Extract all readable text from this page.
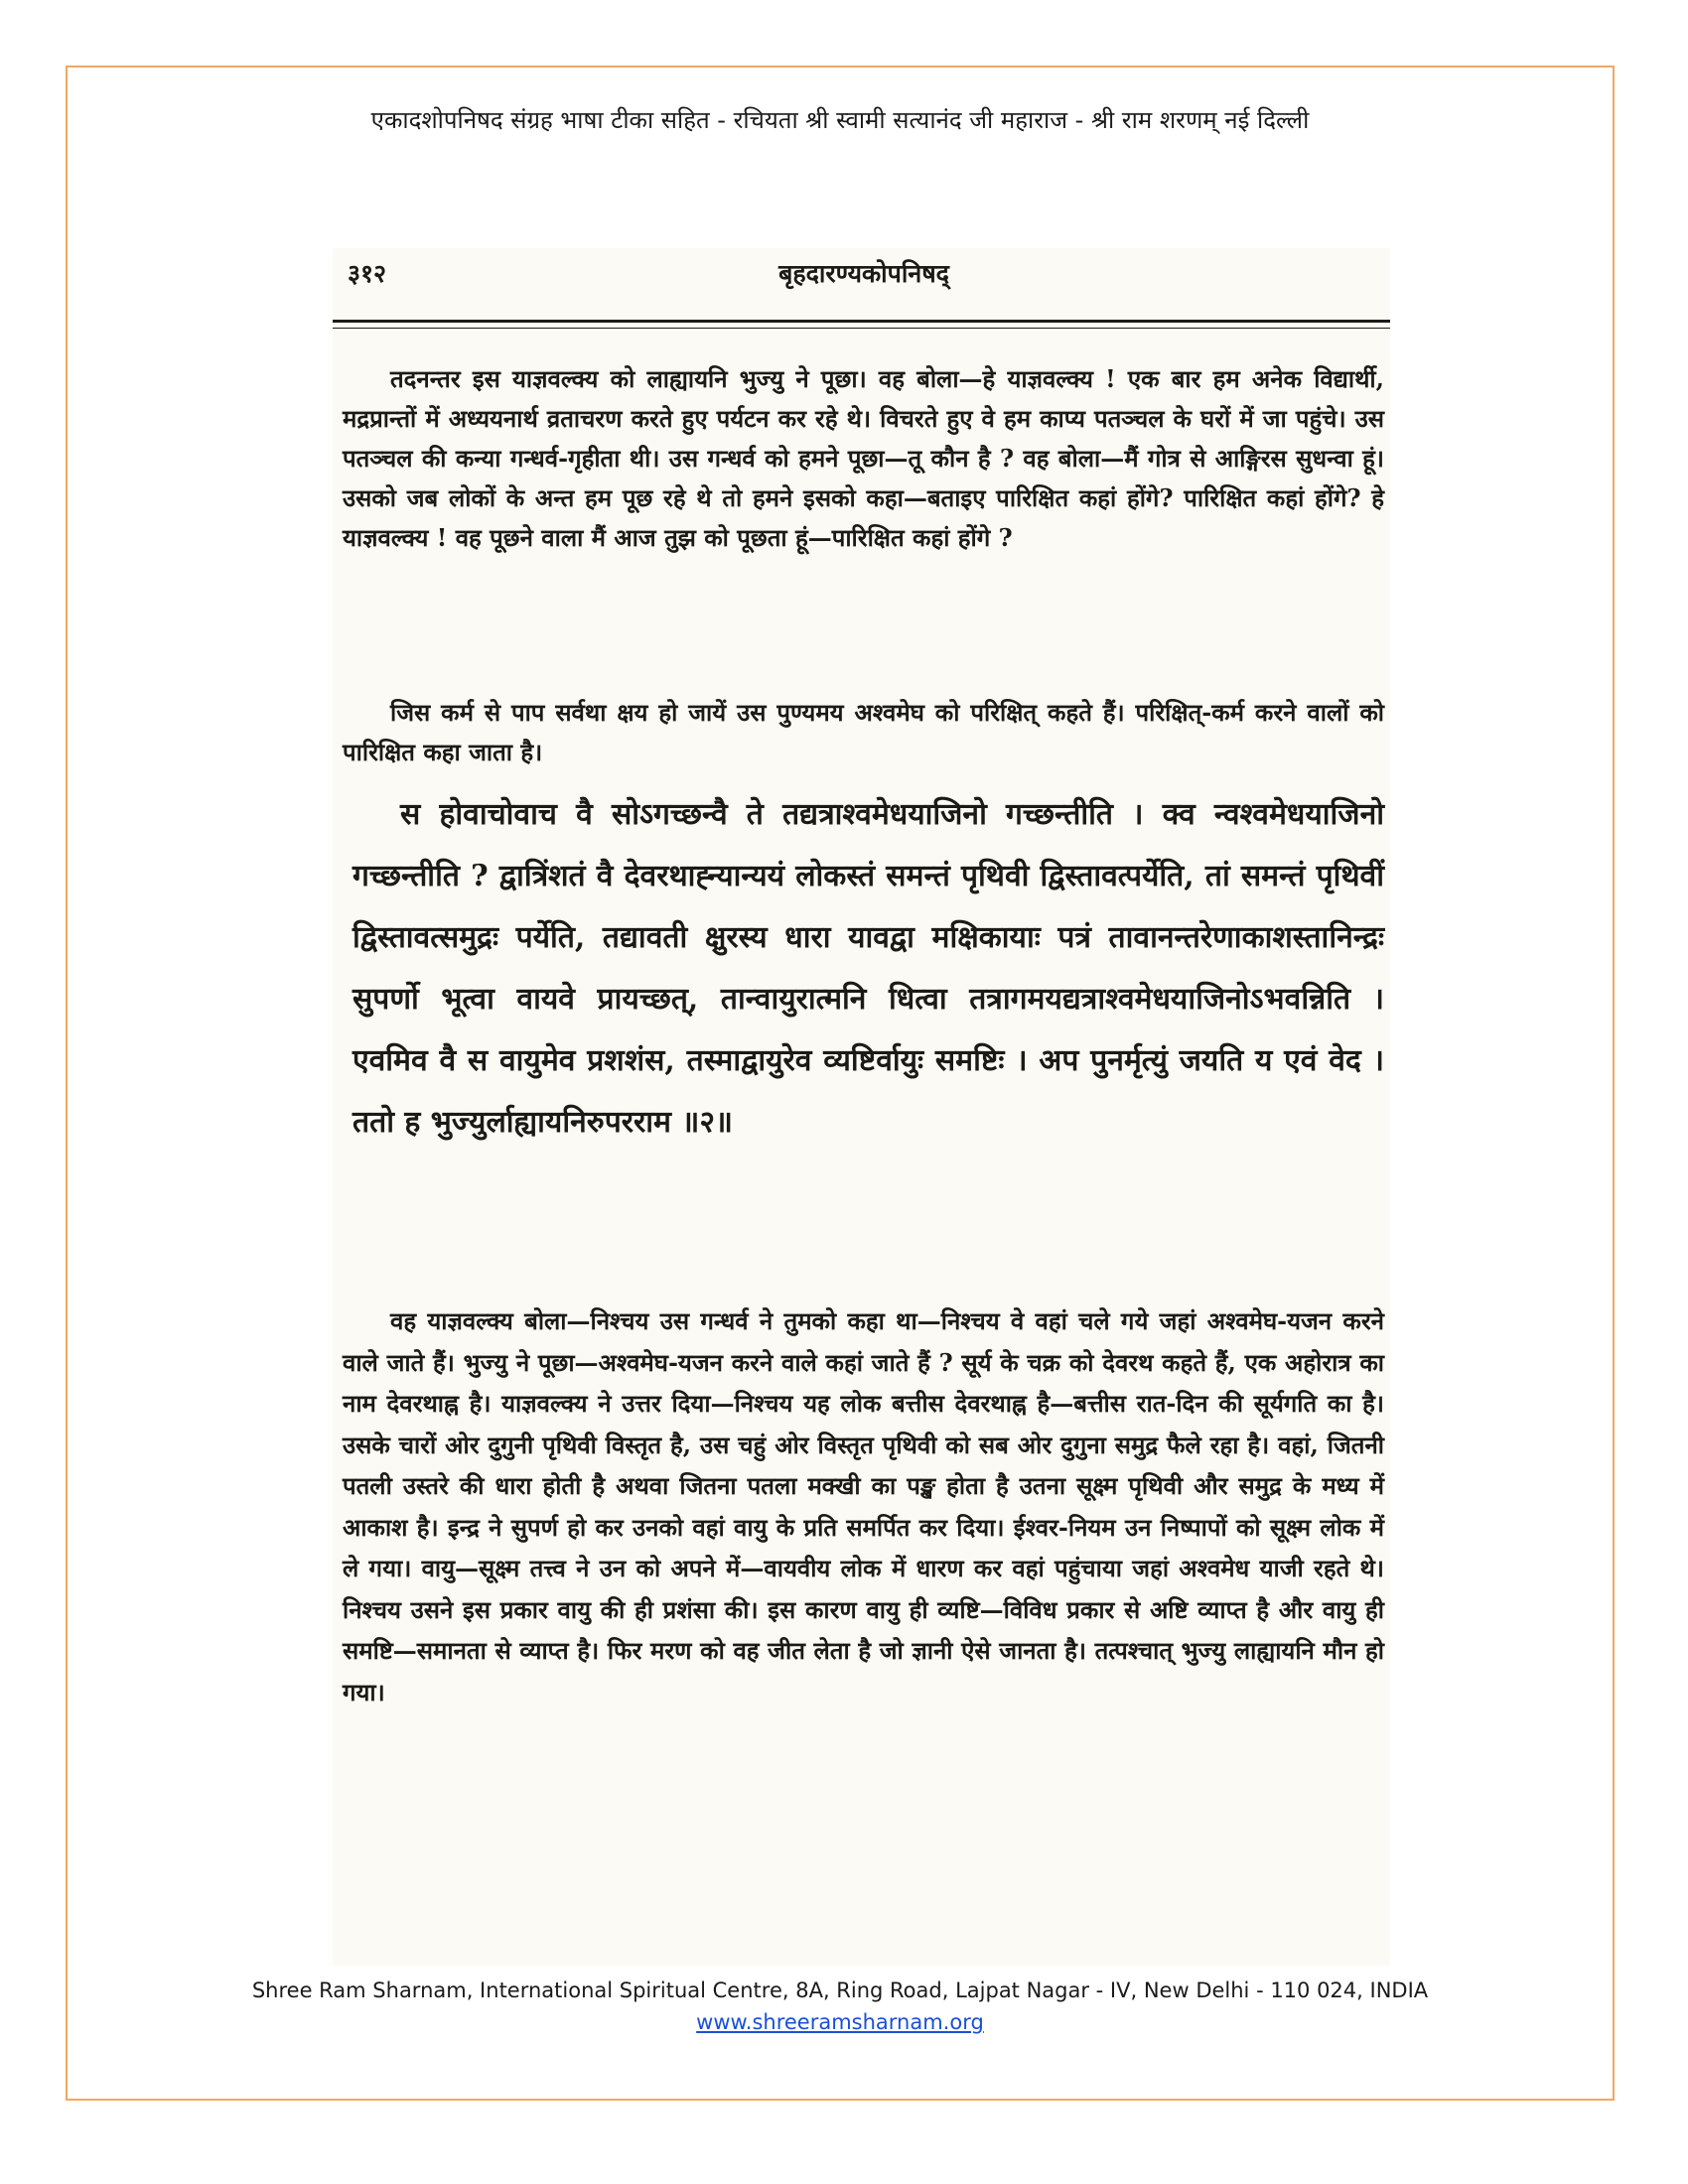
एकादशोपनिषद संग्रह भाषा टीका सहित - रचियता श्री स्वामी सत्यानंद जी महाराज - श्री राम शरणम् नई दिल्ली
३१२	बृहदारण्यकोपनिषद्

तदनन्तर इस याज्ञवल्क्य को लाह्यायनि भुज्यु ने पूछा। वह बोला—हे याज्ञवल्क्य ! एक बार हम अनेक विद्यार्थी, मद्रप्रान्तों में अध्ययनार्थ व्रताचरण करते हुए पर्यटन कर रहे थे। विचरते हुए वे हम काप्य पतञ्चल के घरों में जा पहुंचे। उस पतञ्चल की कन्या गन्धर्व-गृहीता थी। उस गन्धर्व को हमने पूछा—तू कौन है ? वह बोला—मैं गोत्र से आङ्गिरस सुधन्वा हूं। उसको जब लोकों के अन्त हम पूछ रहे थे तो हमने इसको कहा—बताइए पारिक्षित कहां होंगे? पारिक्षित कहां होंगे? हे याज्ञवल्क्य ! वह पूछने वाला मैं आज तुझ को पूछता हूं—पारिक्षित कहां होंगे ?

जिस कर्म से पाप सर्वथा क्षय हो जायें उस पुण्यमय अश्वमेघ को परिक्षित् कहते हैं। परिक्षित्-कर्म करने वालों को पारिक्षित कहा जाता है।

स होवाचोवाच वै सोऽगच्छन्वै ते तद्यत्राश्वमेधयाजिनो गच्छन्तीति । क्व न्वश्वमेधयाजिनो गच्छन्तीति ? द्वात्रिंशतं वै देवरथाह्न्यान्ययं लोकस्तं समन्तं पृथिवी द्विस्तावत्पर्येति, तां समन्तं पृथिवीं द्विस्तावत्समुद्रः पर्येति, तद्यावती क्षुरस्य धारा यावद्वा मक्षिकायाः पत्रं तावानन्तरेणाकाशस्तानिन्द्रः सुपर्णो भूत्वा वायवे प्रायच्छत्, तान्वायुरात्मनि धित्वा तत्रागमयद्यत्राश्वमेधयाजिनोऽभवन्निति । एवमिव वै स वायुमेव प्रशशंस, तस्माद्वायुरेव व्यष्टिर्वायुः समष्टिः । अप पुनर्मृत्युं जयति य एवं वेद । ततो ह भुज्युर्लाह्यायनिरुपरराम ॥२॥

वह याज्ञवल्क्य बोला—निश्चय उस गन्धर्व ने तुमको कहा था—निश्चय वे वहां चले गये जहां अश्वमेघ-यजन करने वाले जाते हैं। भुज्यु ने पूछा—अश्वमेघ-यजन करने वाले कहां जाते हैं ? सूर्य के चक्र को देवरथ कहते हैं, एक अहोरात्र का नाम देवरथाह्न है। याज्ञवल्क्य ने उत्तर दिया—निश्चय यह लोक बत्तीस देवरथाह्न है—बत्तीस रात-दिन की सूर्यगति का है। उसके चारों ओर दुगुनी पृथिवी विस्तृत है, उस चहुं ओर विस्तृत पृथिवी को सब ओर दुगुना समुद्र फैले रहा है। वहां, जितनी पतली उस्तरे की धारा होती है अथवा जितना पतला मक्खी का पङ्ख होता है उतना सूक्ष्म पृथिवी और समुद्र के मध्य में आकाश है। इन्द्र ने सुपर्ण हो कर उनको वहां वायु के प्रति समर्पित कर दिया। ईश्वर-नियम उन निष्पापों को सूक्ष्म लोक में ले गया। वायु—सूक्ष्म तत्त्व ने उन को अपने में—वायवीय लोक में धारण कर वहां पहुंचाया जहां अश्वमेध याजी रहते थे। निश्चय उसने इस प्रकार वायु की ही प्रशंसा की। इस कारण वायु ही व्यष्टि—विविध प्रकार से अष्टि व्याप्त है और वायु ही समष्टि—समानता से व्याप्त है। फिर मरण को वह जीत लेता है जो ज्ञानी ऐसे जानता है। तत्पश्चात् भुज्यु लाह्यायनि मौन हो गया।

Shree Ram Sharnam, International Spiritual Centre, 8A, Ring Road, Lajpat Nagar - IV, New Delhi - 110 024, INDIA
www.shreeramsharnam.org
